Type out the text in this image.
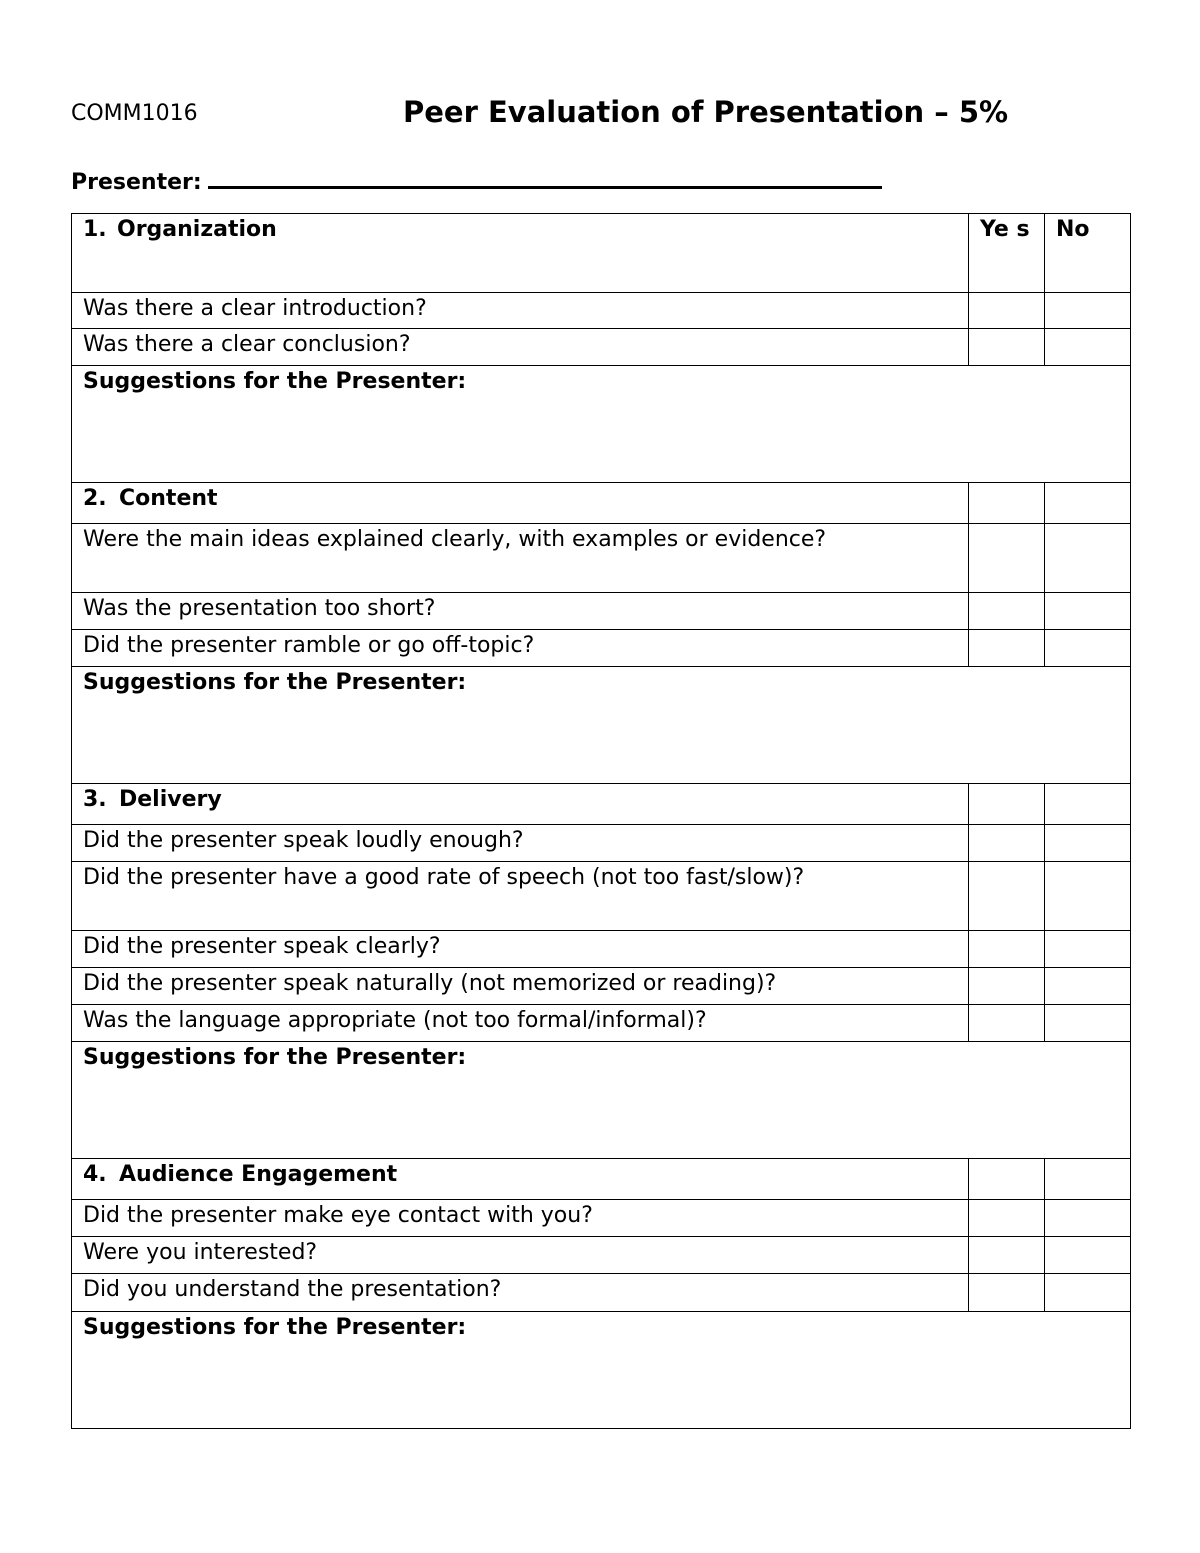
COMM1016	Peer Evaluation of Presentation – 5%
Presenter:
1. Organization	Ye s	No
Was there a clear introduction?		
Was there a clear conclusion?		
Suggestions for the Presenter:		
2. Content		
Were the main ideas explained clearly, with examples or evidence?		
Was the presentation too short?		
Did the presenter ramble or go off-topic?		
Suggestions for the Presenter:		
3. Delivery		
Did the presenter speak loudly enough?		
Did the presenter have a good rate of speech (not too fast/slow)?		
Did the presenter speak clearly?		
Did the presenter speak naturally (not memorized or reading)?		
Was the language appropriate (not too formal/informal)?		
Suggestions for the Presenter:		
4. Audience Engagement		
Did the presenter make eye contact with you?		
Were you interested?		
Did you understand the presentation?		
Suggestions for the Presenter:		
